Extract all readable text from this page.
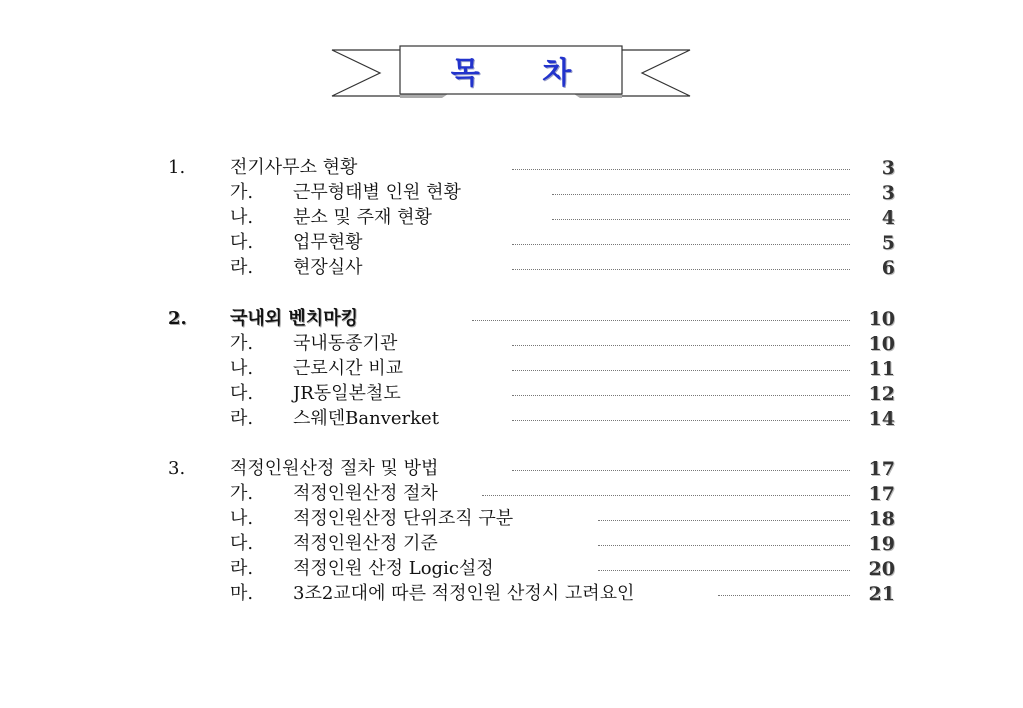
목 차
1. 전기사무소 현황	3
가. 근무형태별 인원 현황	3
나. 분소 및 주재 현황	4
다. 업무현황	5
라. 현장실사	6
2. 국내외 벤치마킹	10
가. 국내동종기관	10
나. 근로시간 비교	11
다. JR동일본철도	12
라. 스웨덴Banverket	14
3. 적정인원산정 절차 및 방법	17
가. 적정인원산정 절차	17
나. 적정인원산정 단위조직 구분	18
다. 적정인원산정 기준	19
라. 적정인원 산정 Logic설정	20
마. 3조2교대에 따른 적정인원 산정시 고려요인	21
